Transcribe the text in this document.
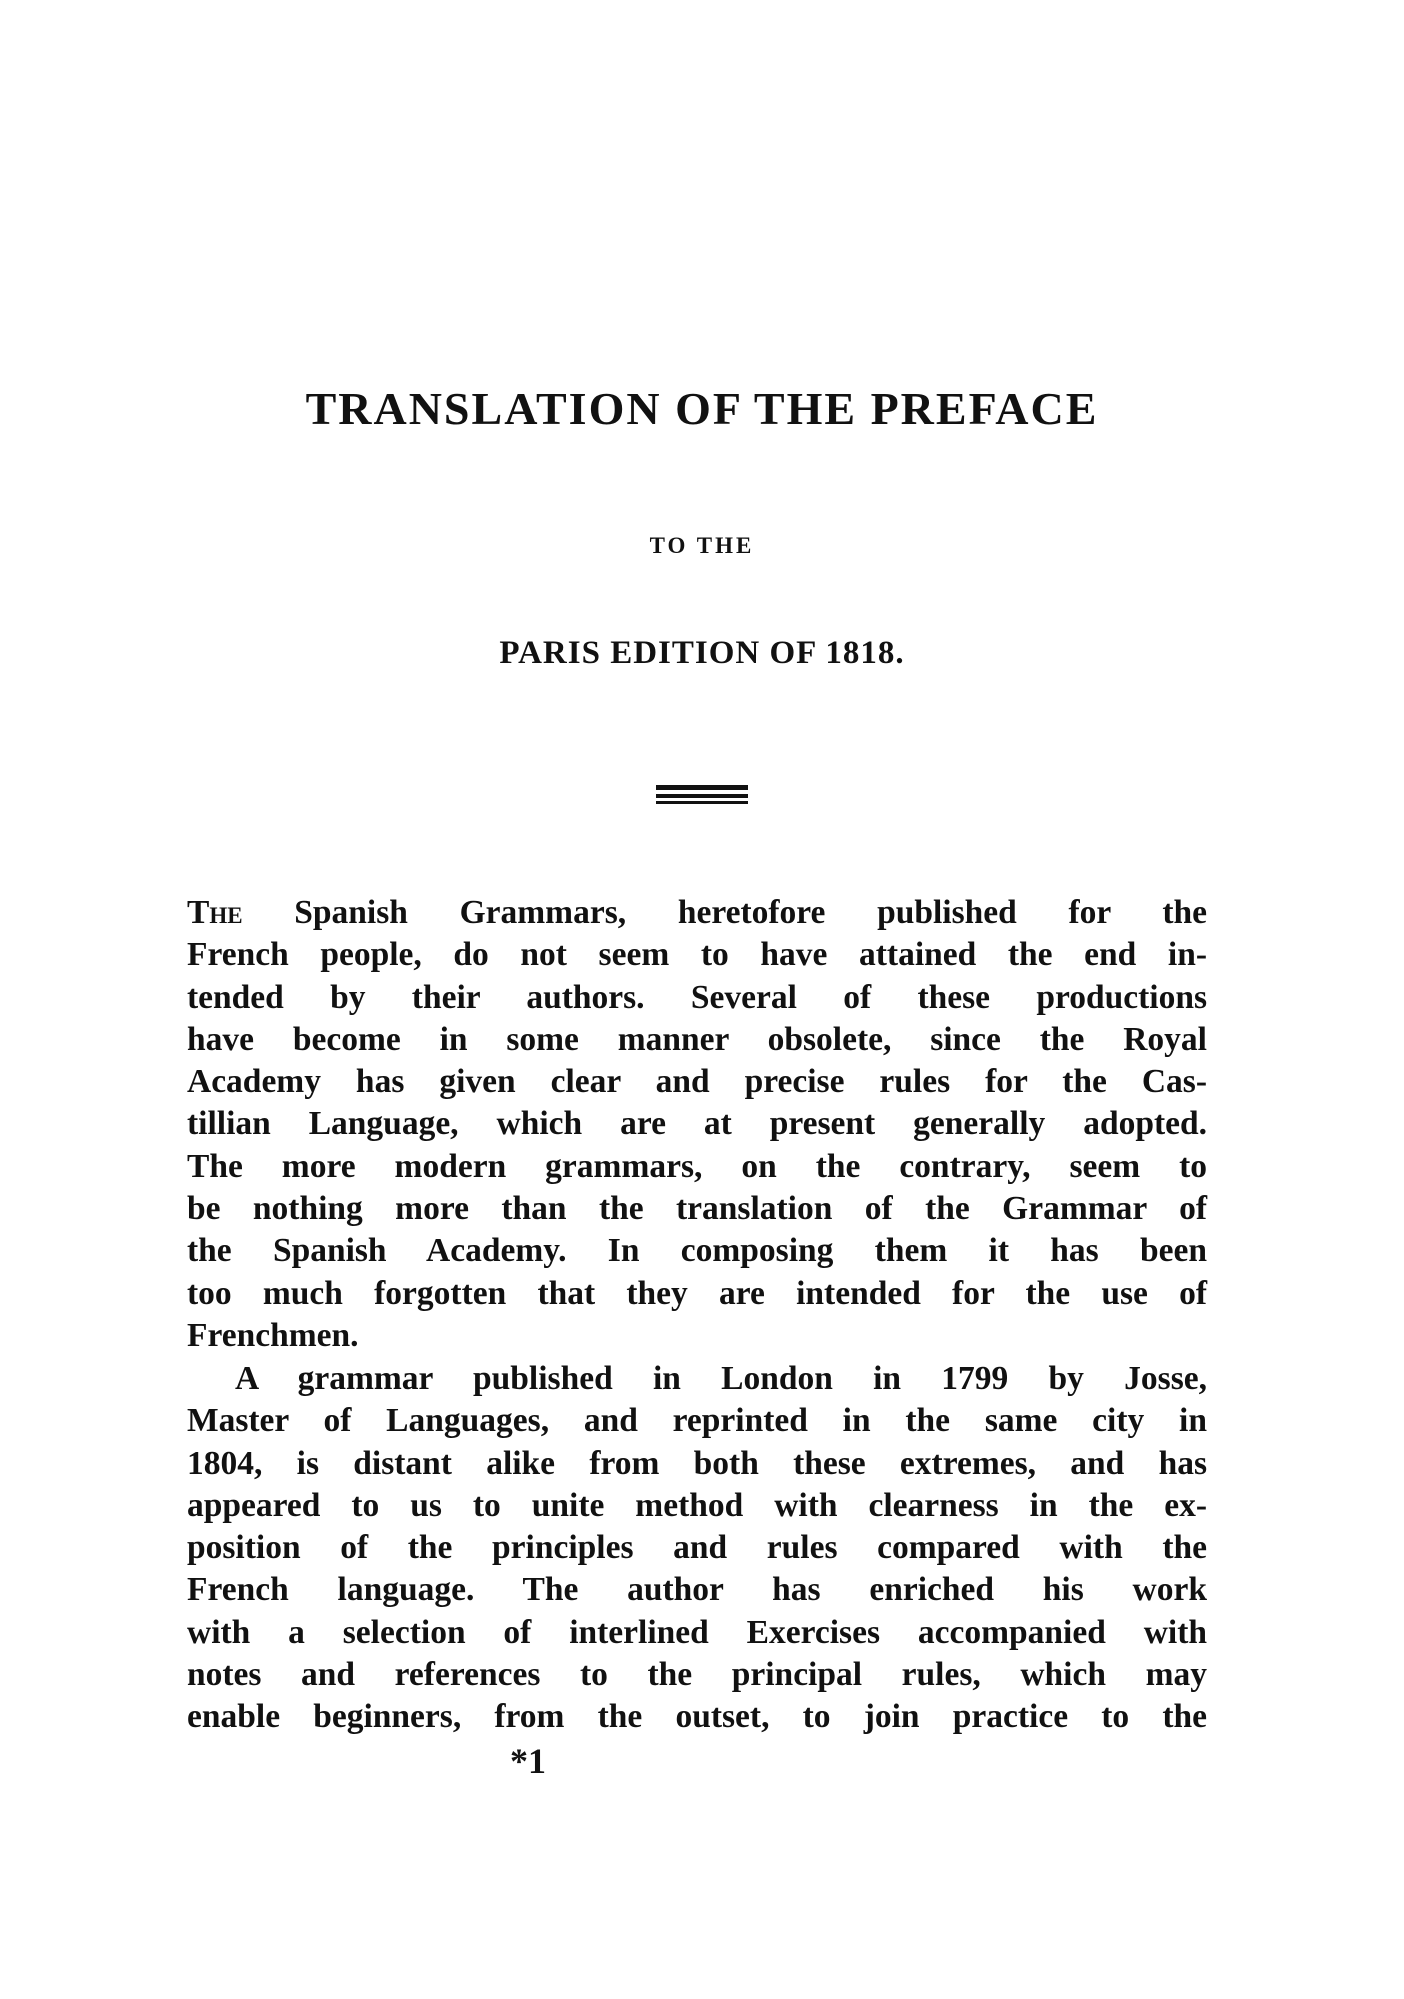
TRANSLATION OF THE PREFACE
TO THE
PARIS EDITION OF 1818.
The Spanish Grammars, heretofore published for the
French people, do not seem to have attained the end in-
tended by their authors. Several of these productions
have become in some manner obsolete, since the Royal
Academy has given clear and precise rules for the Cas-
tillian Language, which are at present generally adopted.
The more modern grammars, on the contrary, seem to
be nothing more than the translation of the Grammar of
the Spanish Academy. In composing them it has been
too much forgotten that they are intended for the use of
Frenchmen.
A grammar published in London in 1799 by Josse,
Master of Languages, and reprinted in the same city in
1804, is distant alike from both these extremes, and has
appeared to us to unite method with clearness in the ex-
position of the principles and rules compared with the
French language. The author has enriched his work
with a selection of interlined Exercises accompanied with
notes and references to the principal rules, which may
enable beginners, from the outset, to join practice to the
*1
